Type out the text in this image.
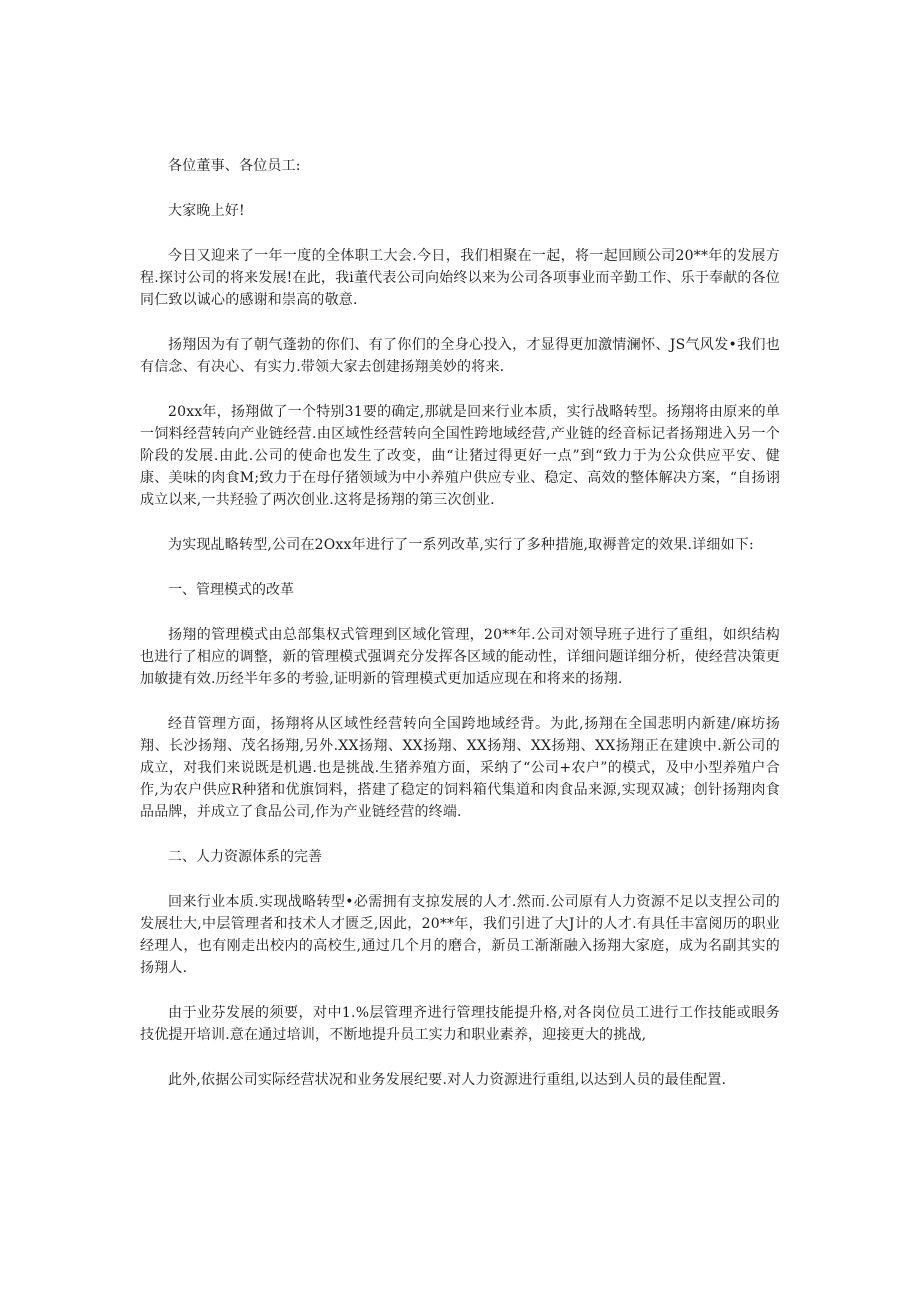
各位董事、各位员工:

大家晚上好!

今日又迎来了一年一度的全体职工大会.今日，我们相聚在一起，将一起回顾公司20**年的发展方程.探讨公司的将来发展!在此，我i董代表公司向始终以来为公司各项事业而辛勤工作、乐于奉献的各位同仁致以诚心的感谢和崇高的敬意.

扬翔因为有了朝气蓬勃的你们、有了你们的全身心投入，才显得更加激情澜怀、JS气风发•我们也有信念、有决心、有实力.带领大家去创建扬翔美妙的将来.

20xx年，扬翔做了一个特别31要的确定,那就是回来行业本质，实行战略转型。扬翔将由原来的单一饲料经营转向产业链经营.由区域性经营转向全国性跨地域经营,产业链的经音标记者扬翔进入另一个阶段的发展.由此.公司的使命也发生了改变，曲“让猪过得更好一点”到“致力于为公众供应平安、健康、美味的肉食M;致力于在母仔猪领域为中小养殖户供应专业、稳定、高效的整体解决方案，“自扬诩成立以来,一共羟验了两次创业.这将是扬翔的第三次创业.

为实现乩略转型,公司在2Oxx年进行了一系列改革,实行了多种措施,取褥普定的效果.详细如下:

一、管理模式的改革

扬翔的管理模式由总部集权式管理到区域化管理，20**年.公司对领导班子进行了重组，如织结构也进行了相应的调整，新的管理模式强调充分发挥各区域的能动性，详细问题详细分析，使经营决策更加敏捷有效.历经半年多的考验,证明新的管理模式更加适应现在和将来的扬翔.

经苜管理方面，扬翔将从区域性经营转向全国跨地域经背。为此,扬翔在全国悲明内新建/麻坊扬翔、长沙扬翔、茂名扬翔,另外.XX扬翔、XX扬翔、XX扬翔、XX扬翔、XX扬翔正在建谀中.新公司的成立，对我们来说既是机遇.也是挑战.生猪养殖方面，采纳了“公司+农户”的模式，及中小型养殖户合作,为农户供应R种猪和优旗饲料，搭建了稳定的饲料箱代集道和肉食品来源,实现双减；创针扬翔肉食品品牌，并成立了食品公司,作为产业链经营的终端.

二、人力资源体系的完善

回来行业本质.实现战略转型•必需拥有支掠发展的人才.然而.公司原有人力资源不足以支捏公司的发展壮大,中层管理者和技术人才匮乏,因此，20**年，我们引进了大J计的人才.有具任丰富阅历的职业经理人，也有刚走出校内的高校生,通过几个月的磨合，新员工渐渐融入扬翔大家庭，成为名副其实的扬翔人.

由于业芬发展的须要，对中1.%层管理齐进行管理技能提升格,对各岗位员工进行工作技能或眼务技优提开培训.意在通过培训，不断地提升员工实力和职业素养，迎接更大的挑战,

此外,依据公司实际经营状况和业务发展纪要.对人力资源进行重组,以达到人员的最佳配置.
